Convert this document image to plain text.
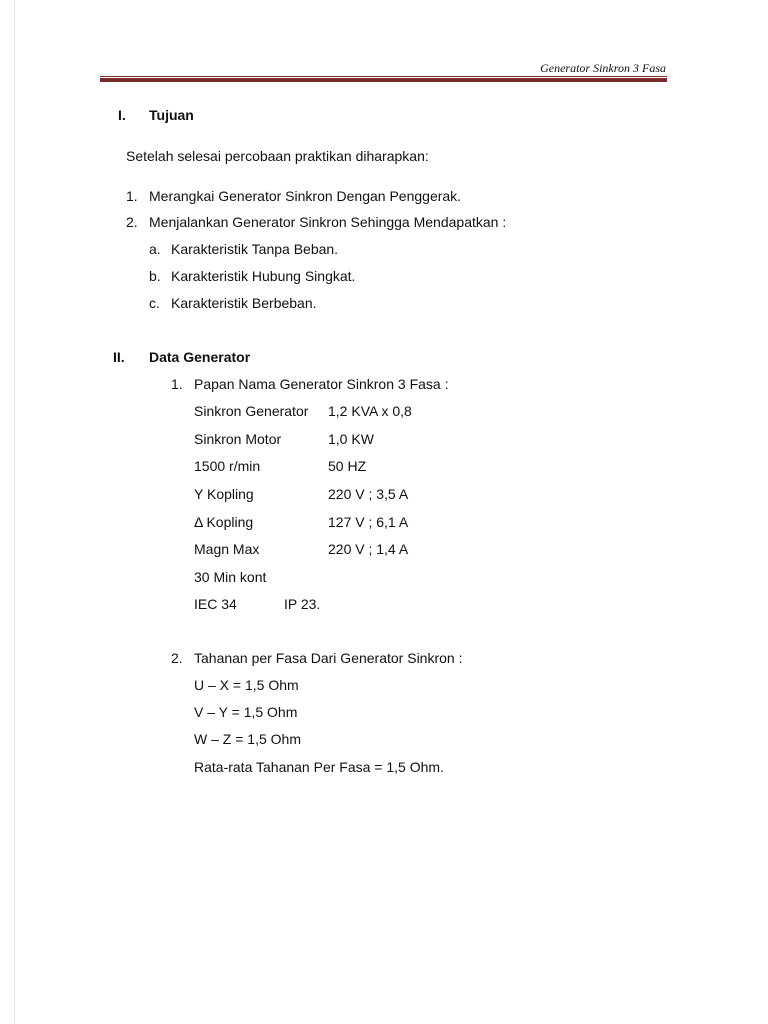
Generator Sinkron 3 Fasa
I. Tujuan
Setelah selesai percobaan praktikan diharapkan:
1. Merangkai Generator Sinkron Dengan Penggerak.
2. Menjalankan Generator Sinkron Sehingga Mendapatkan :
a. Karakteristik Tanpa Beban.
b. Karakteristik Hubung Singkat.
c. Karakteristik Berbeban.
II. Data Generator
1. Papan Nama Generator Sinkron 3 Fasa :
Sinkron Generator 1,2 KVA x 0,8
Sinkron Motor	1,0 KW
1500 r/min	50 HZ
Y Kopling	220 V ; 3,5 A
Δ Kopling	127 V ; 6,1 A
Magn Max	220 V ; 1,4 A
30 Min kont
IEC 34	IP 23.
2. Tahanan per Fasa Dari Generator Sinkron :
U – X = 1,5 Ohm
V – Y = 1,5 Ohm
W – Z = 1,5 Ohm
Rata-rata Tahanan Per Fasa = 1,5 Ohm.
